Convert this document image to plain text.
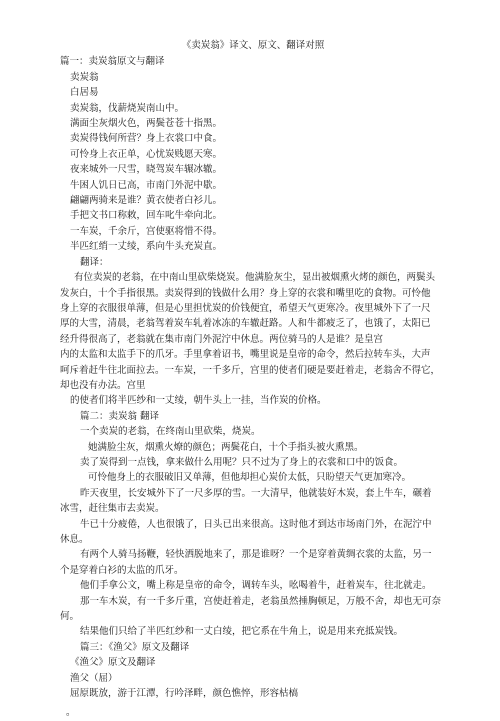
《卖炭翁》译文、原文、翻译对照
篇一：卖炭翁原文与翻译
卖炭翁
白居易
卖炭翁，伐薪烧炭南山中。
满面尘灰烟火色，两鬓苍苍十指黑。
卖炭得钱何所营？身上衣裳口中食。
可怜身上衣正单，心忧炭贱愿天寒。
夜来城外一尺雪，晓驾炭车辗冰辙。
牛困人饥日已高，市南门外泥中歇。
翩翩两骑来是谁？黄衣使者白衫儿。
手把文书口称敕，回车叱牛牵向北。
一车炭，千余斤，宫使驱将惜不得。
半匹红绡一丈绫，系向牛头充炭直。
翻译：
有位卖炭的老翁，在中南山里砍柴烧炭。他满脸灰尘，显出被烟熏火烤的颜色，两鬓头
发灰白，十个手指很黑。卖炭得到的钱做什么用？身上穿的衣裳和嘴里吃的食物。可怜他
身上穿的衣服很单薄，但是心里担忧炭的价钱便宜，希望天气更寒冷。夜里城外下了一尺
厚的大雪，清晨，老翁驾着炭车轧着冰冻的车辙赶路。人和牛都疲乏了，也饿了，太阳已
经升得很高了，老翁就在集市南门外泥泞中休息。两位骑马的人是谁？是皇宫
内的太监和太监手下的爪牙。手里拿着诏书，嘴里说是皇帝的命令，然后拉转车头，大声
呵斥着赶牛往北面拉去。一车炭，一千多斤，宫里的使者们硬是要赶着走，老翁舍不得它，
却也没有办法。宫里
的使者们将半匹纱和一丈绫，朝牛头上一挂，当作炭的价格。
篇二：卖炭翁 翻译
一个卖炭的老翁，在终南山里砍柴，烧炭。
她满脸尘灰，烟熏火燎的颜色；两鬓花白，十个手指头被火熏黑。
卖了炭得到一点钱，拿来做什么用呢？只不过为了身上的衣裳和口中的饭食。
可怜他身上的衣服破旧又单薄，但他却担心炭价太低，只盼望天气更加寒冷。
昨天夜里，长安城外下了一尺多厚的雪。一大清早，他就装好木炭，套上牛车，碾着
冰雪，赶往集市去卖炭。
牛已十分疲倦，人也很饿了，日头已出来很高。这时他才到达市场南门外，在泥泞中
休息。
有两个人骑马扬鞭，轻快洒脱地来了，那是谁呀？一个是穿着黄绸衣裳的太监，另一
个是穿着白衫的太监的爪牙。
他们手拿公文，嘴上称是皇帝的命令，调转车头，吆喝着牛，赶着炭车，往北就走。
那一车木炭，有一千多斤重，宫使赶着走，老翁虽然捶胸顿足，万般不舍，却也无可奈
何。
结果他们只给了半匹红纱和一丈白绫，把它系在牛角上，说是用来充抵炭钱。
篇三：《渔父》原文及翻译
《渔父》原文及翻译
渔父（屈）
屈原既放，游于江潭，行吟泽畔，颜色憔悴，形容枯槁
。
